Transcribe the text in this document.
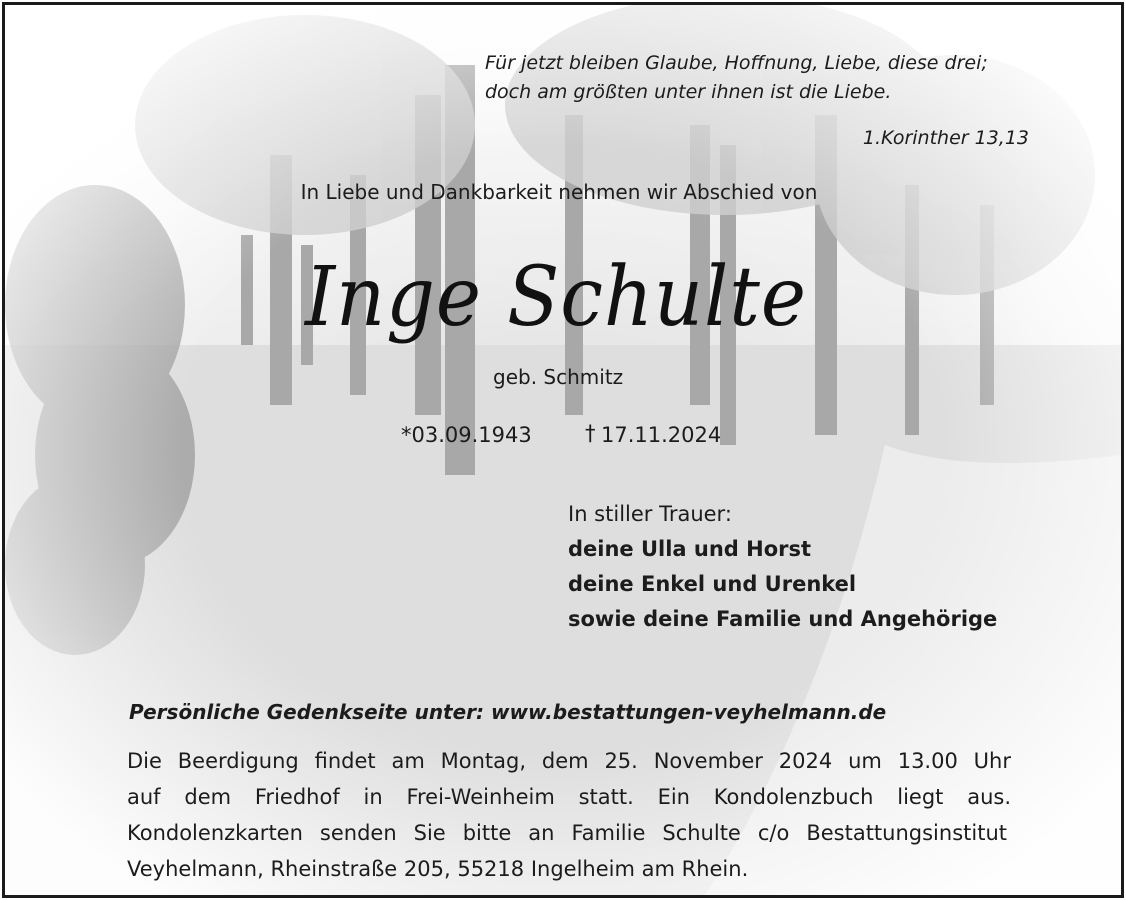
Für jetzt bleiben Glaube, Hoffnung, Liebe, diese drei;
doch am größten unter ihnen ist die Liebe.
1.Korinther 13,13
In Liebe und Dankbarkeit nehmen wir Abschied von
Inge Schulte
geb. Schmitz
*03.09.1943	† 17.11.2024
In stiller Trauer:
deine Ulla und Horst
deine Enkel und Urenkel
sowie deine Familie und Angehörige
Persönliche Gedenkseite unter: www.bestattungen-veyhelmann.de
Die Beerdigung findet am Montag, dem 25. November 2024 um 13.00 Uhr
auf dem Friedhof in Frei-Weinheim statt. Ein Kondolenzbuch liegt aus.
Kondolenzkarten senden Sie bitte an Familie Schulte c/o Bestattungsinstitut
Veyhelmann, Rheinstraße 205, 55218 Ingelheim am Rhein.
